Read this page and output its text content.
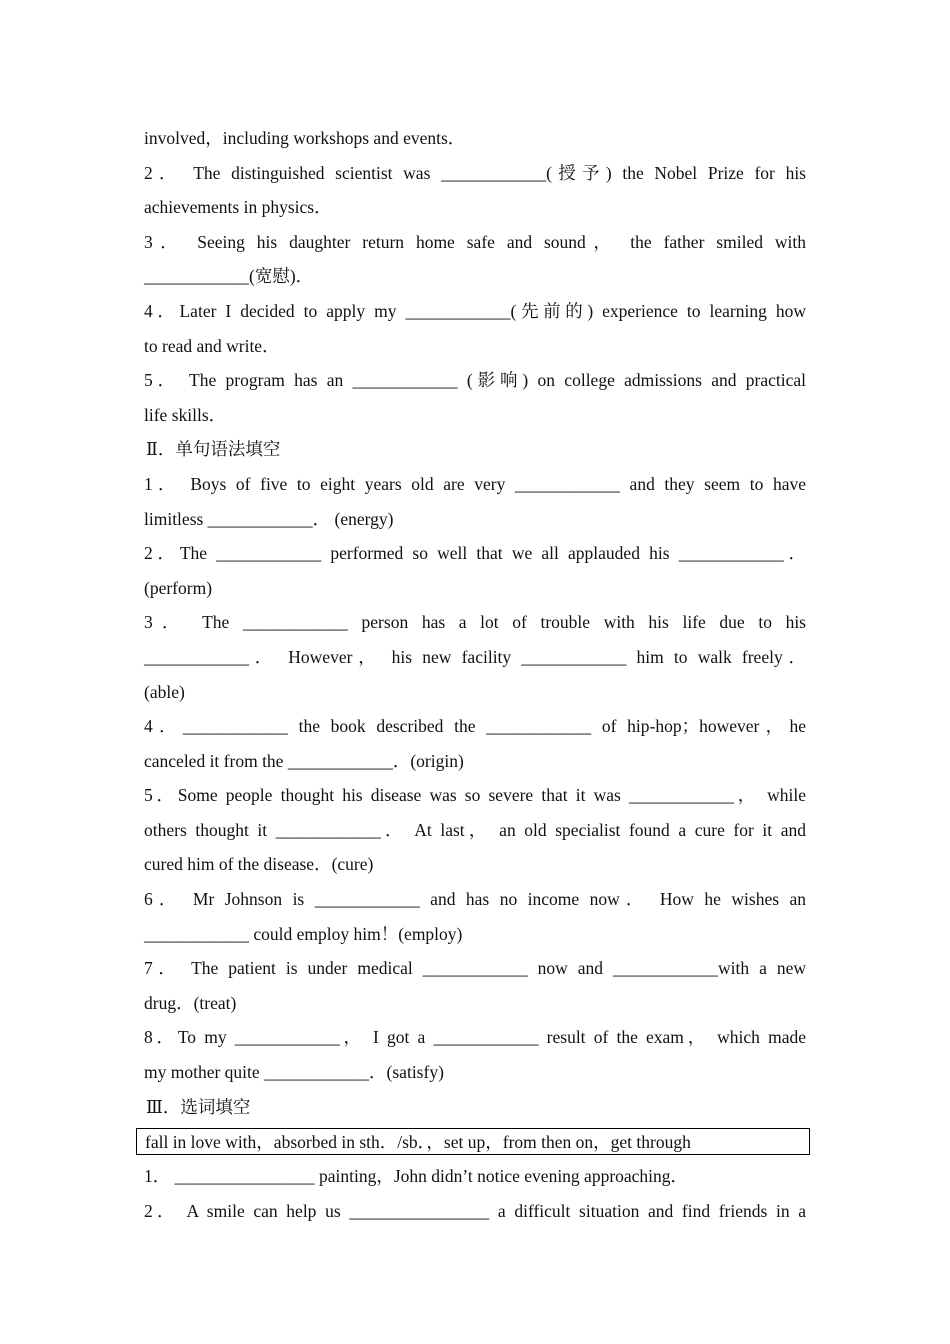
involved，including workshops and events．
2． The distinguished scientist was ____________(授予) the Nobel Prize for his
achievements in physics．
3． Seeing his daughter return home safe and sound， the father smiled with
____________(宽慰)．
4．Later I decided to apply my ____________(先前的) experience to learning how
to read and write．
5． The program has an ____________ (影响) on college admissions and practical
life skills．
Ⅱ．单句语法填空
1． Boys of five to eight years old are very ____________ and they seem to have
limitless ____________． (energy)
2．The ____________ performed so well that we all applauded his ____________．
(perform)
3． The ____________ person has a lot of trouble with his life due to his
____________． However， his new facility ____________ him to walk freely．
(able)
4．____________ the book described the ____________ of hip-hop；however，he
canceled it from the ____________．(origin)
5．Some people thought his disease was so severe that it was ____________， while
others thought it ____________． At last， an old specialist found a cure for it and
cured him of the disease．(cure)
6． Mr Johnson is ____________ and has no income now． How he wishes an
____________ could employ him！(employ)
7． The patient is under medical ____________ now and ____________with a new
drug．(treat)
8．To my ____________， I got a ____________ result of the exam， which made
my mother quite ____________．(satisfy)
Ⅲ．选词填空
fall in love with，absorbed in sth．/sb．，set up，from then on，get through
1． ________________ painting，John didn’t notice evening approaching．
2． A smile can help us ________________ a difficult situation and find friends in a
